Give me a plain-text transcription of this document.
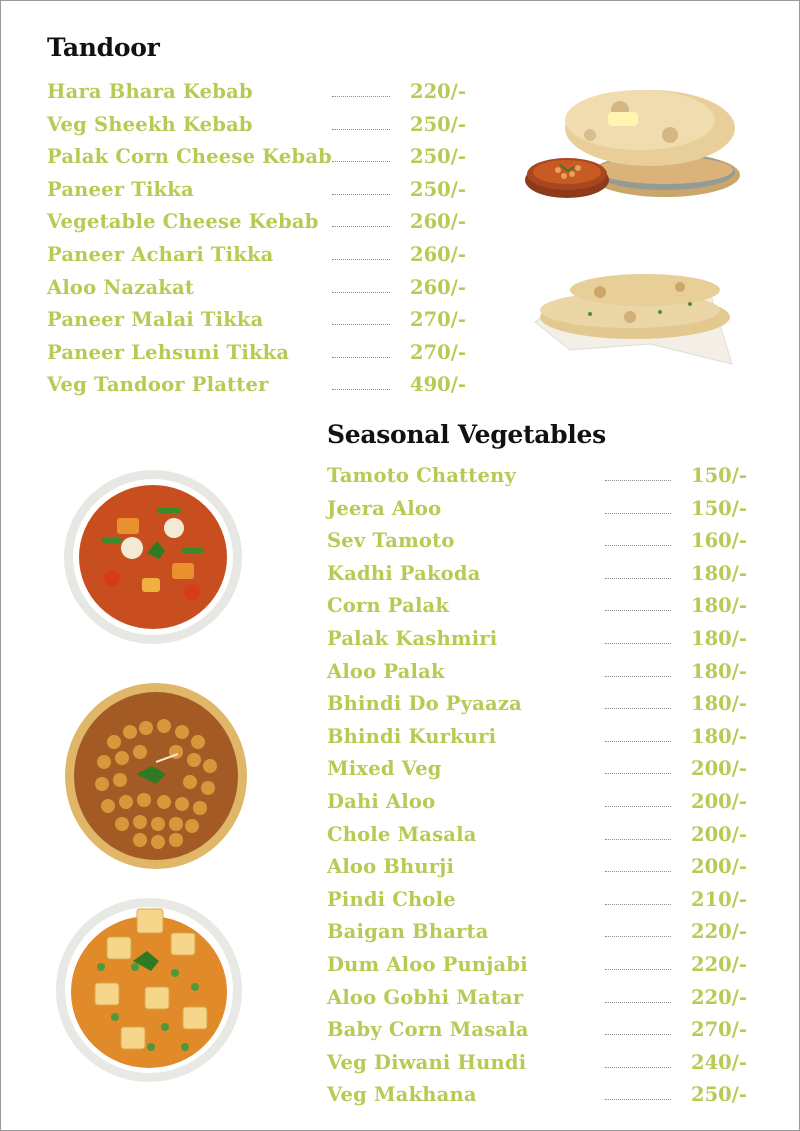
Tandoor
Hara Bhara Kebab	220/-
Veg Sheekh Kebab	250/-
Palak Corn Cheese Kebab	250/-
Paneer Tikka	250/-
Vegetable Cheese Kebab	260/-
Paneer Achari Tikka	260/-
Aloo Nazakat	260/-
Paneer Malai Tikka	270/-
Paneer Lehsuni Tikka	270/-
Veg Tandoor Platter	490/-
Seasonal Vegetables
Tamoto Chatteny	150/-
Jeera Aloo	150/-
Sev Tamoto	160/-
Kadhi Pakoda	180/-
Corn Palak	180/-
Palak Kashmiri	180/-
Aloo Palak	180/-
Bhindi Do Pyaaza	180/-
Bhindi Kurkuri	180/-
Mixed Veg	200/-
Dahi Aloo	200/-
Chole Masala	200/-
Aloo Bhurji	200/-
Pindi Chole	210/-
Baigan Bharta	220/-
Dum Aloo Punjabi	220/-
Aloo Gobhi Matar	220/-
Baby Corn Masala	270/-
Veg Diwani Hundi	240/-
Veg Makhana	250/-
